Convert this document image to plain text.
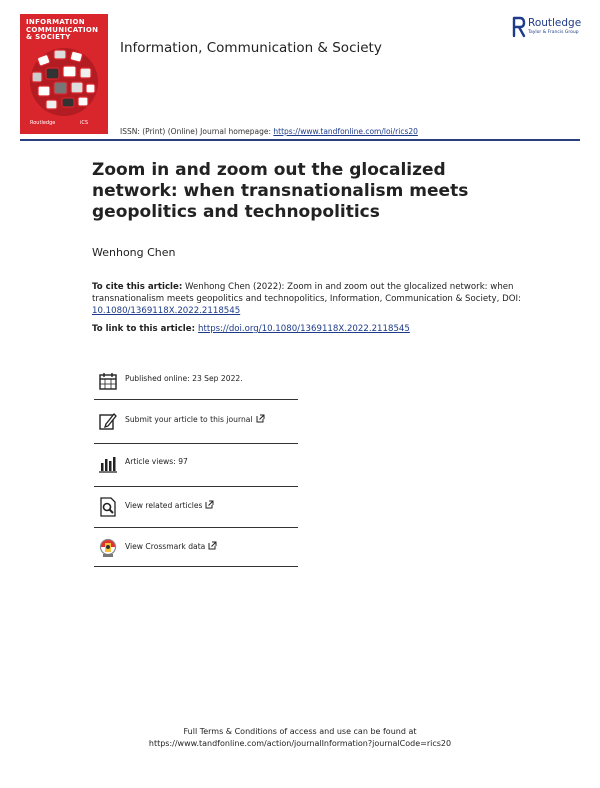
INFORMATION
COMMUNICATION
& SOCIETY
Routledge	iCS
Information, Communication & Society
Routledge
Taylor & Francis Group
ISSN: (Print) (Online) Journal homepage: https://www.tandfonline.com/loi/rics20
Zoom in and zoom out the glocalized network: when transnationalism meets geopolitics and technopolitics
Wenhong Chen
To cite this article: Wenhong Chen (2022): Zoom in and zoom out the glocalized network: when transnationalism meets geopolitics and technopolitics, Information, Communication & Society, DOI: 10.1080/1369118X.2022.2118545
To link to this article: https://doi.org/10.1080/1369118X.2022.2118545
Published online: 23 Sep 2022.
Submit your article to this journal
Article views: 97
View related articles
View Crossmark data
Full Terms & Conditions of access and use can be found at
https://www.tandfonline.com/action/journalInformation?journalCode=rics20
